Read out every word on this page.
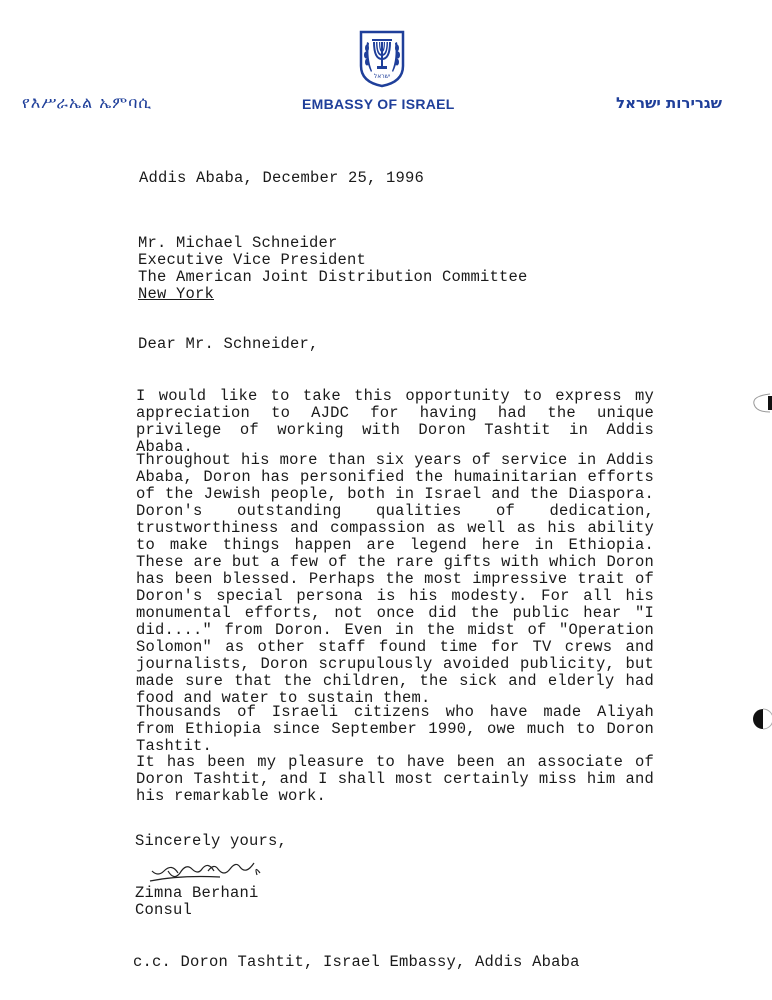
ישראל
የእሥራኤል ኤምባሲ	EMBASSY OF ISRAEL	שגרירות ישראל
Addis Ababa, December 25, 1996
Mr. Michael Schneider
Executive Vice President
The American Joint Distribution Committee
New York
Dear Mr. Schneider,
I would like to take this opportunity to express my appreciation to AJDC for having had the unique privilege of working with Doron Tashtit in Addis Ababa.
Throughout his more than six years of service in Addis Ababa, Doron has personified the humainitarian efforts of the Jewish people, both in Israel and the Diaspora. Doron's outstanding qualities of dedication, trustworthiness and compassion as well as his ability to make things happen are legend here in Ethiopia. These are but a few of the rare gifts with which Doron has been blessed. Perhaps the most impressive trait of Doron's special persona is his modesty. For all his monumental efforts, not once did the public hear "I did...." from Doron. Even in the midst of "Operation Solomon" as other staff found time for TV crews and journalists, Doron scrupulously avoided publicity, but made sure that the children, the sick and elderly had food and water to sustain them.
Thousands of Israeli citizens who have made Aliyah from Ethiopia since September 1990, owe much to Doron Tashtit.
It has been my pleasure to have been an associate of Doron Tashtit, and I shall most certainly miss him and his remarkable work.
Sincerely yours,
Zimna Berhani
Consul
c.c. Doron Tashtit, Israel Embassy, Addis Ababa
